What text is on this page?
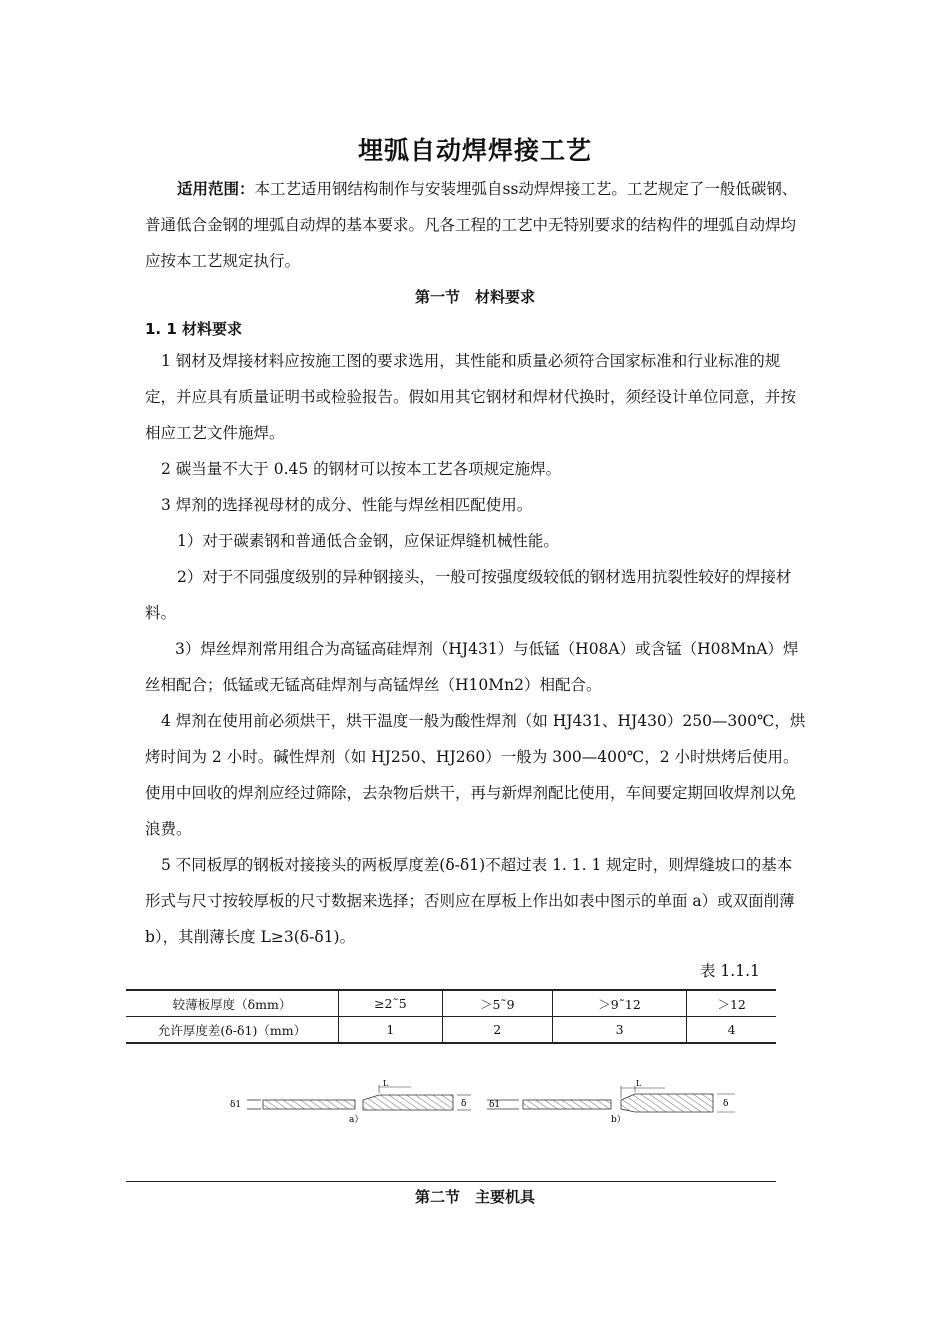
埋弧自动焊焊接工艺
适用范围：本工艺适用钢结构制作与安装埋弧自ss动焊焊接工艺。工艺规定了一般低碳钢、普通低合金钢的埋弧自动焊的基本要求。凡各工程的工艺中无特别要求的结构件的埋弧自动焊均应按本工艺规定执行。
第一节　材料要求
1. 1 材料要求
1 钢材及焊接材料应按施工图的要求选用，其性能和质量必须符合国家标准和行业标准的规定，并应具有质量证明书或检验报告。假如用其它钢材和焊材代换时，须经设计单位同意，并按相应工艺文件施焊。
2 碳当量不大于 0.45 的钢材可以按本工艺各项规定施焊。
3 焊剂的选择视母材的成分、性能与焊丝相匹配使用。
1）对于碳素钢和普通低合金钢，应保证焊缝机械性能。
2）对于不同强度级别的异种钢接头，一般可按强度级较低的钢材选用抗裂性较好的焊接材料。
3）焊丝焊剂常用组合为高锰高硅焊剂（HJ431）与低锰（H08A）或含锰（H08MnA）焊丝相配合；低锰或无锰高硅焊剂与高锰焊丝（H10Mn2）相配合。
4 焊剂在使用前必须烘干，烘干温度一般为酸性焊剂（如 HJ431、HJ430）250—300℃，烘烤时间为 2 小时。碱性焊剂（如 HJ250、HJ260）一般为 300—400℃，2 小时烘烤后使用。使用中回收的焊剂应经过筛除，去杂物后烘干，再与新焊剂配比使用，车间要定期回收焊剂以免浪费。
5 不同板厚的钢板对接接头的两板厚度差(δ-δ1)不超过表 1. 1. 1 规定时，则焊缝坡口的基本形式与尺寸按较厚板的尺寸数据来选择；否则应在厚板上作出如表中图示的单面 a）或双面削薄 b），其削薄长度 L≥3(δ-δ1)。
表 1.1.1
较薄板厚度（δmm）	≥2˜5	＞5˜9	＞9˜12	＞12
允许厚度差(δ-δ1)（mm）	1	2	3	4
δ1
L
δ
a）
δ1
L
δ
b）
第二节　主要机具
